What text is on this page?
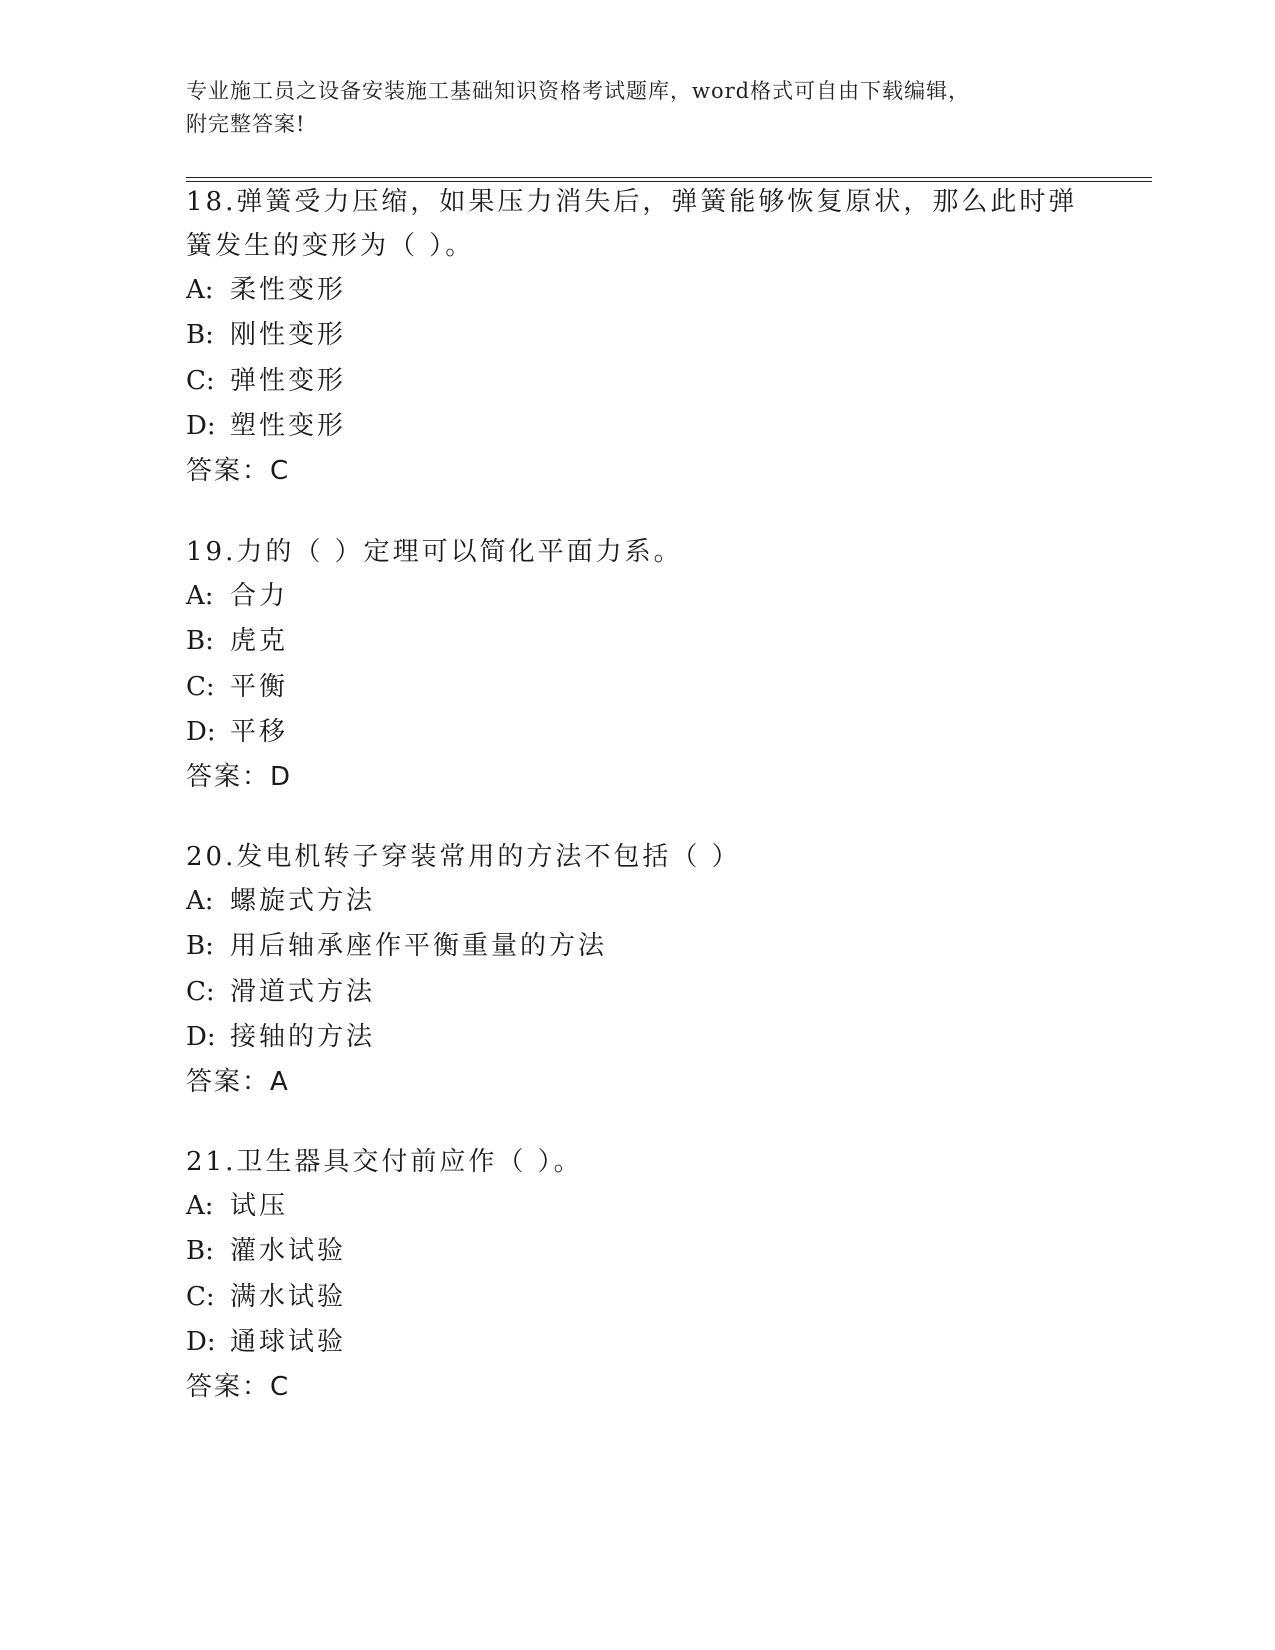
专业施工员之设备安装施工基础知识资格考试题库，word格式可自由下载编辑，
附完整答案!

18.弹簧受力压缩，如果压力消失后，弹簧能够恢复原状，那么此时弹

簧发生的变形为（ ）。

A: 柔性变形

B: 刚性变形

C: 弹性变形

D: 塑性变形

答案：C

19.力的（ ）定理可以简化平面力系。

A: 合力

B: 虎克

C: 平衡

D: 平移

答案：D

20.发电机转子穿装常用的方法不包括（ ）

A: 螺旋式方法

B: 用后轴承座作平衡重量的方法

C: 滑道式方法

D: 接轴的方法

答案：A

21.卫生器具交付前应作（ ）。

A: 试压

B: 灌水试验

C: 满水试验

D: 通球试验

答案：C
